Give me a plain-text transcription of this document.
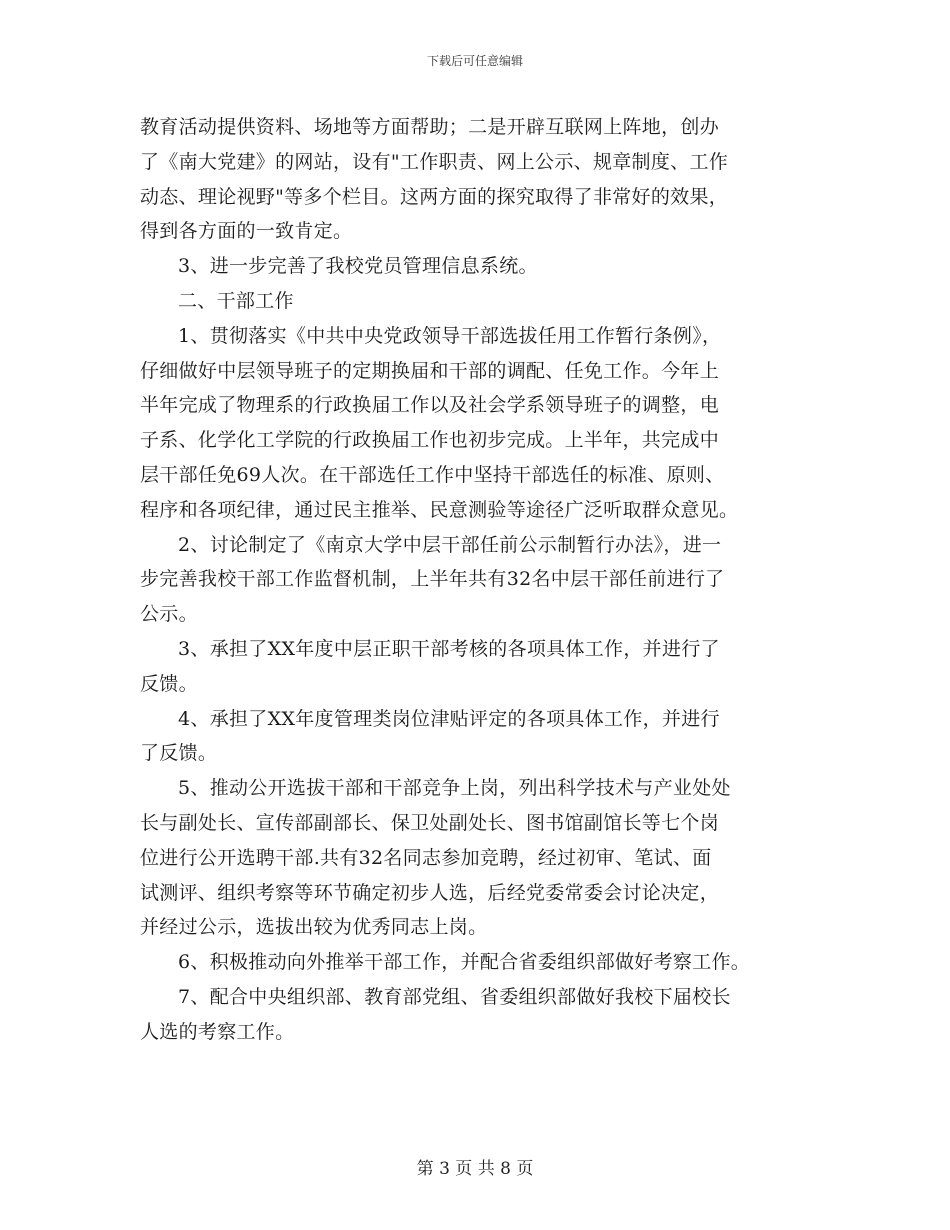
下载后可任意编辑
教育活动提供资料、场地等方面帮助；二是开辟互联网上阵地，创办
了《南大党建》的网站，设有"工作职责、网上公示、规章制度、工作
动态、理论视野"等多个栏目。这两方面的探究取得了非常好的效果，
得到各方面的一致肯定。
3、进一步完善了我校党员管理信息系统。
二、干部工作
1、贯彻落实《中共中央党政领导干部选拔任用工作暂行条例》，
仔细做好中层领导班子的定期换届和干部的调配、任免工作。今年上
半年完成了物理系的行政换届工作以及社会学系领导班子的调整，电
子系、化学化工学院的行政换届工作也初步完成。上半年，共完成中
层干部任免69人次。在干部选任工作中坚持干部选任的标准、原则、
程序和各项纪律，通过民主推举、民意测验等途径广泛听取群众意见。
2、讨论制定了《南京大学中层干部任前公示制暂行办法》，进一
步完善我校干部工作监督机制，上半年共有32名中层干部任前进行了
公示。
3、承担了XX年度中层正职干部考核的各项具体工作，并进行了
反馈。
4、承担了XX年度管理类岗位津贴评定的各项具体工作，并进行
了反馈。
5、推动公开选拔干部和干部竞争上岗，列出科学技术与产业处处
长与副处长、宣传部副部长、保卫处副处长、图书馆副馆长等七个岗
位进行公开选聘干部.共有32名同志参加竞聘，经过初审、笔试、面
试测评、组织考察等环节确定初步人选，后经党委常委会讨论决定，
并经过公示，选拔出较为优秀同志上岗。
6、积极推动向外推举干部工作，并配合省委组织部做好考察工作。
7、配合中央组织部、教育部党组、省委组织部做好我校下届校长
人选的考察工作。
第 3 页 共 8 页
